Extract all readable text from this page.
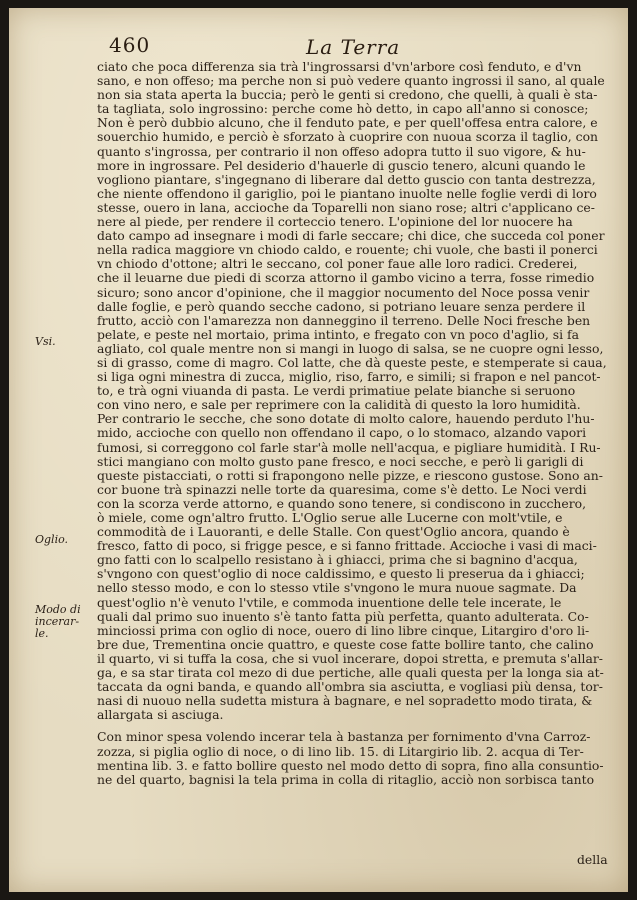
460	La Terra
Vsi.
Oglio.
Modo di incerar-le.
ciato che poca differenza sia trà l'ingrossarsi d'vn'arbore così fenduto, e d'vn
sano, e non offeso; ma perche non si può vedere quanto ingrossi il sano, al quale
non sia stata aperta la buccia; però le genti si credono, che quelli, à quali è sta-
ta tagliata, solo ingrossino: perche come hò detto, in capo all'anno si conosce;
Non è però dubbio alcuno, che il fenduto pate, e per quell'offesa entra calore, e
souerchio humido, e perciò è sforzato à cuoprire con nuoua scorza il taglio, con
quanto s'ingrossa, per contrario il non offeso adopra tutto il suo vigore, & hu-
more in ingrossare. Pel desiderio d'hauerle di guscio tenero, alcuni quando le
vogliono piantare, s'ingegnano di liberare dal detto guscio con tanta destrezza,
che niente offendono il gariglio, poi le piantano inuolte nelle foglie verdi di loro
stesse, ouero in lana, accioche da Toparelli non siano rose; altri c'applicano ce-
nere al piede, per rendere il corteccio tenero. L'opinione del lor nuocere ha
dato campo ad insegnare i modi di farle seccare; chi dice, che succeda col poner
nella radica maggiore vn chiodo caldo, e rouente; chi vuole, che basti il ponerci
vn chiodo d'ottone; altri le seccano, col poner faue alle loro radici. Crederei,
che il leuarne due piedi di scorza attorno il gambo vicino a terra, fosse rimedio
sicuro; sono ancor d'opinione, che il maggior nocumento del Noce possa venir
dalle foglie, e però quando secche cadono, si potriano leuare senza perdere il
frutto, acciò con l'amarezza non danneggino il terreno. Delle Noci fresche ben
pelate, e peste nel mortaio, prima intinto, e fregato con vn poco d'aglio, si fa
agliato, col quale mentre non si mangi in luogo di salsa, se ne cuopre ogni lesso,
si di grasso, come di magro. Col latte, che dà queste peste, e stemperate si caua,
si liga ogni minestra di zucca, miglio, riso, farro, e simili; si frapon e nel pancot-
to, e trà ogni viuanda di pasta. Le verdi primatiue pelate bianche si seruono
con vino nero, e sale per reprimere con la calidità di questo la loro humidità.
Per contrario le secche, che sono dotate di molto calore, hauendo perduto l'hu-
mido, accioche con quello non offendano il capo, o lo stomaco, alzando vapori
fumosi, si correggono col farle star'à molle nell'acqua, e pigliare humidità. I Ru-
stici mangiano con molto gusto pane fresco, e noci secche, e però li garigli di
queste pistacciati, o rotti si frapongono nelle pizze, e riescono gustose. Sono an-
cor buone trà spinazzi nelle torte da quaresima, come s'è detto. Le Noci verdi
con la scorza verde attorno, e quando sono tenere, si condiscono in zucchero,
ò miele, come ogn'altro frutto. L'Oglio serue alle Lucerne con molt'vtile, e
commodità de i Lauoranti, e delle Stalle. Con quest'Oglio ancora, quando è
fresco, fatto di poco, si frigge pesce, e si fanno frittade. Accioche i vasi di maci-
gno fatti con lo scalpello resistano à i ghiacci, prima che si bagnino d'acqua,
s'vngono con quest'oglio di noce caldissimo, e questo li preserua da i ghiacci;
nello stesso modo, e con lo stesso vtile s'vngono le mura nuoue sagmate. Da
quest'oglio n'è venuto l'vtile, e commoda inuentione delle tele incerate, le
quali dal primo suo inuento s'è tanto fatta più perfetta, quanto adulterata. Co-
minciossi prima con oglio di noce, ouero di lino libre cinque, Litargiro d'oro li-
bre due, Trementina oncie quattro, e queste cose fatte bollire tanto, che calino
il quarto, vi si tuffa la cosa, che si vuol incerare, dopoi stretta, e premuta s'allar-
ga, e sa star tirata col mezo di due pertiche, alle quali questa per la longa sia at-
taccata da ogni banda, e quando all'ombra sia asciutta, e vogliasi più densa, tor-
nasi di nuouo nella sudetta mistura à bagnare, e nel sopradetto modo tirata, &
allargata si asciuga.
Con minor spesa volendo incerar tela à bastanza per fornimento d'vna Carroz-
zozza, si piglia oglio di noce, o di lino lib. 15. di Litargirio lib. 2. acqua di Ter-
mentina lib. 3. e fatto bollire questo nel modo detto di sopra, fino alla consuntio-
ne del quarto, bagnisi la tela prima in colla di ritaglio, acciò non sorbisca tanto
della
